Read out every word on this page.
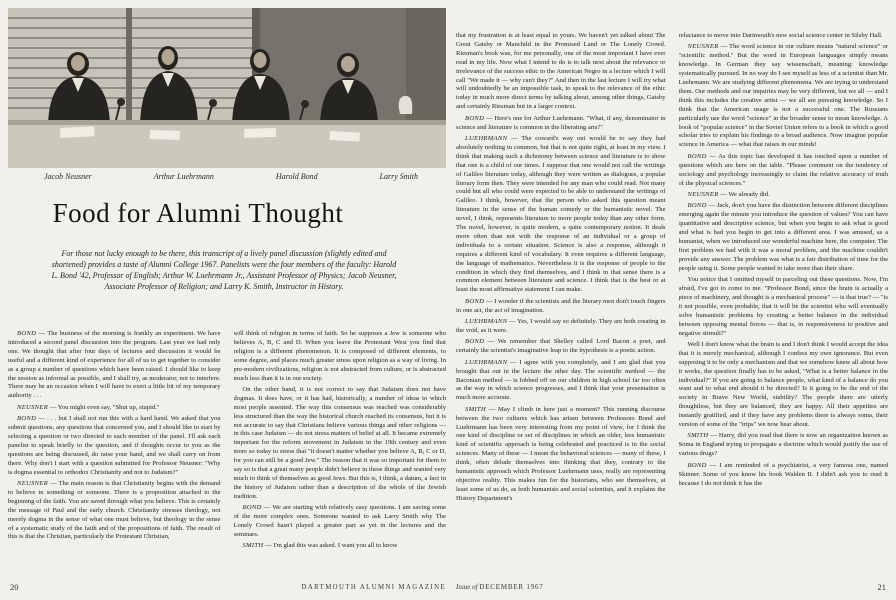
Jacob Neusner	Arthur Luehrmann	Harold Bond	Larry Smith
Food for Alumni Thought
For those not lucky enough to be there, this transcript of a lively panel discussion (slightly edited and shortened) provides a taste of Alumni College 1967. Panelists were the four members of the faculty: Harold L. Bond '42, Professor of English; Arthur W. Luehrmann Jr., Assistant Professor of Physics; Jacob Neusner, Associate Professor of Religion; and Larry K. Smith, Instructor in History.

BOND — The business of the morning is frankly an experiment. We have introduced a second panel discussion into the program. Last year we had only one. We thought that after four days of lectures and discussion it would be useful and a different kind of experience for all of us to get together to consider as a group a number of questions which have been raised. I should like to keep the session as informal as possible, and I shall try, as moderator, not to interfere. There may be an occasion when I will have to exert a little bit of my temporary authority . . .

NEUSNER — You might even say, "Shut up, stupid."

BOND — . . . but I shall not run this with a hard hand. We asked that you submit questions, any questions that concerned you, and I should like to start by selecting a question or two directed to each member of the panel. I'll ask each panelist to speak briefly to the question, and if thoughts occur to you as the questions are being discussed, do raise your hand, and we shall carry on from there. Why don't I start with a question submitted for Professor Neusner: "Why is dogma essential to orthodox Christianity and not to Judaism?"

NEUSNER — The main reason is that Christianity begins with the demand to believe in something or someone. There is a proposition attached to the beginning of the faith. You are saved through what you believe. This is certainly the message of Paul and the early church. Christianity stresses theology, not merely dogma in the sense of what one must believe, but theology in the sense of a systematic study of the faith and of the propositions of faith. The result of this is that the Christian, particularly the Protestant Christian,

will think of religion in terms of faith. So he supposes a Jew is someone who believes A, B, C and D. When you leave the Protestant West you find that religion is a different phenomenon. It is composed of different elements, to some degree, and places much greater stress upon religion as a way of living. In pre-modern civilizations, religion is not abstracted from culture, or is abstracted much less than it is in our society.

On the other hand, it is not correct to say that Judaism does not have dogmas. It does have, or it has had, historically, a number of ideas to which most people assented. The way this consensus was reached was considerably less structured than the way the historical church reached its consensus, but it is not accurate to say that Christians believe various things and other religions — in this case Judaism — do not stress matters of belief at all. It became extremely important for the reform movement in Judaism in the 19th century and even more so today to stress that "it doesn't matter whether you believe A, B, C or D, for you can still be a good Jew." The reason that it was so important for them to say so is that a great many people didn't believe in these things and wanted very much to think of themselves as good Jews. But this is, I think, a datum, a fact in the history of Judaism rather than a description of the whole of the Jewish tradition.

BOND — We are starting with relatively easy questions. I am saving some of the more complex ones. Someone wanted to ask Larry Smith why The Lonely Crowd hasn't played a greater part as yet in the lectures and the seminars.

SMITH — I'm glad this was asked. I want you all to know

20	DARTMOUTH ALUMNI MAGAZINE

that my frustration is at least equal to yours. We haven't yet talked about The Great Gatsby or Manchild in the Promised Land or The Lonely Crowd. Riesman's book was, for me personally, one of the most important I have ever read in my life. Now what I intend to do is to talk next about the relevance or irrelevance of the success ethic to the American Negro in a lecture which I will call "We made it — why can't they?" And then in the last lecture I will try what will undoubtedly be an impossible task, to speak to the relevance of the ethic today in much more direct terms by talking about, among other things, Gatsby and certainly Riesman but in a larger context.

BOND — Here's one for Arthur Luehrmann. "What, if any, denominator in science and literature is common in the liberating arts?"

LUEHRMANN — The coward's way out would be to say they had absolutely nothing in common, but that is not quite right, at least in my view. I think that making such a dichotomy between science and literature is to show that one is a child of our times. I suppose that one would not call the writings of Galileo literature today, although they were written as dialogues, a popular literary form then. They were intended for any man who could read. Not many could but all who could were expected to be able to understand the writings of Galileo. I think, however, that the person who asked this question meant literature in the sense of the human comedy or the humanistic novel. The novel, I think, represents literature to more people today than any other form. The novel, however, is quite modern, a quite contemporary notion. It deals more often than not with the response of an individual or a group of individuals to a certain situation. Science is also a response, although it requires a different kind of vocabulary. It even requires a different language, the language of mathematics. Nevertheless it is the response of people to the condition in which they find themselves, and I think in that sense there is a common element between literature and science. I think that is the best or at least the most affirmative statement I can make.

BOND — I wonder if the scientists and the literary men don't touch fingers in one act, the act of imagination.

LUEHRMANN — Yes, I would say so definitely. They are both creating in the void, as it were.

BOND — We remember that Shelley called Lord Bacon a poet, and certainly the scientist's imaginative leap to the hypothesis is a poetic action.

LUEHRMANN — I agree with you completely, and I am glad that you brought that out in the lecture the other day. The scientific method — the Baconian method — is fobbed off on our children in high school far too often as the way in which science progresses, and I think that your presentation is much more accurate.

SMITH — May I climb in here just a moment? This running discourse between the two cultures which has arisen between Professors Bond and Luehrmann has been very interesting from my point of view, for I think the one kind of discipline or set of disciplines in which an older, less humanistic kind of scientific approach is being celebrated and practiced is in the social sciences. Many of these — I mean the behavioral sciences — many of these, I think, often delude themselves into thinking that they, contrary to the humanistic approach which Professor Luehrmann uses, really are representing objective reality. This makes fun for the historians, who see themselves, at least some of us do, as both humanists and social scientists, and it explains the History Department's

reluctance to move into Dartmouth's new social science center in Silsby Hall.

NEUSNER — The word science in our culture means "natural science" or "scientific method." But the word in European languages simply means knowledge. In German they say wissenschaft, meaning: knowledge systematically pursued. In no way do I see myself as less of a scientist than Mr. Luehrmann. We are studying different phenomena. We are trying to understand them. Our methods and our inquiries may be very different, but we all — and I think this includes the creative artist — we all are pursuing knowledge. So I think that the American usage is not a successful one. The Russians particularly use the word "science" in the broader sense to mean knowledge. A book of "popular science" in the Soviet Union refers to a book in which a good scholar tries to explain his findings to a broad audience. Now imagine popular science in America — what that raises in our minds!

BOND — As this topic has developed it has touched upon a number of questions which are here on the table. "Please comment on the tendency of sociology and psychology increasingly to claim the relative accuracy of truth of the physical sciences."

NEUSNER — We already did.

BOND — Jack, don't you have the distinction between different disciplines emerging again the minute you introduce the question of values? You can have quantitative and descriptive science, but when you begin to ask what is good and what is bad you begin to get into a different area. I was amused, as a humanist, when we introduced our wonderful machine here, the computer. The first problem we had with it was a moral problem, and the machine couldn't provide any answer. The problem was what is a fair distribution of time for the people using it. Some people wanted to take more than their share.

You notice that I omitted myself in parceling out these questions. Now, I'm afraid, I've got to come to me. "Professor Bond, since the brain is actually a piece of machinery, and thought is a mechanical process" — is that true? — "is it not possible, even probable, that it will be the scientist who will eventually solve humanistic problems by creating a better balance in the individual between opposing mental forces — that is, in responsiveness to positive and negative stimuli?"

Well I don't know what the brain is and I don't think I would accept the idea that it is merely mechanical, although I confess my own ignorance. But even supposing it to be only a mechanism and that we somehow knew all about how it works, the question finally has to be asked, "What is a better balance in the individual?" If you are going to balance people, what kind of a balance do you want and to what end should it be directed? Is it going to be the end of the society in Brave New World, stability? The people there are utterly thoughtless, but they are balanced, they are happy. All their appetites are instantly gratified, and if they have any problems there is always soma, their version of some of the "trips" we now hear about.

SMITH — Harry, did you read that there is now an organization known as Soma in England trying to propagate a doctrine which would justify the use of various drugs?

BOND — I am reminded of a psychiatrist, a very famous one, named Skinner. Some of you know his book Walden II. I didn't ask you to read it because I do not think it has the

Issue of DECEMBER 1967	21
